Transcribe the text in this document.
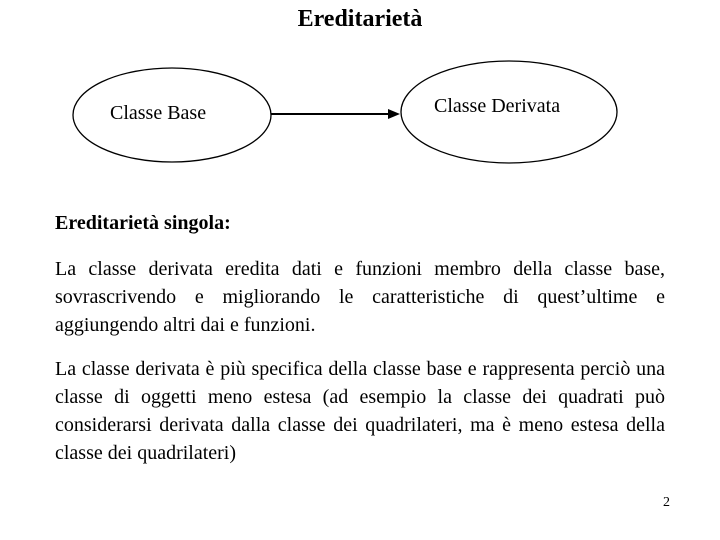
Ereditarietà
Classe Base	Classe Derivata
Ereditarietà singola:

La classe derivata eredita dati e funzioni membro della classe base, sovrascrivendo e migliorando le caratteristiche di quest’ultime e aggiungendo altri dai e funzioni.

La classe derivata è più specifica della classe base e rappresenta perciò una classe di oggetti meno estesa (ad esempio la classe dei quadrati può considerarsi derivata dalla classe dei quadrilateri, ma è meno estesa della classe dei quadrilateri)

2
